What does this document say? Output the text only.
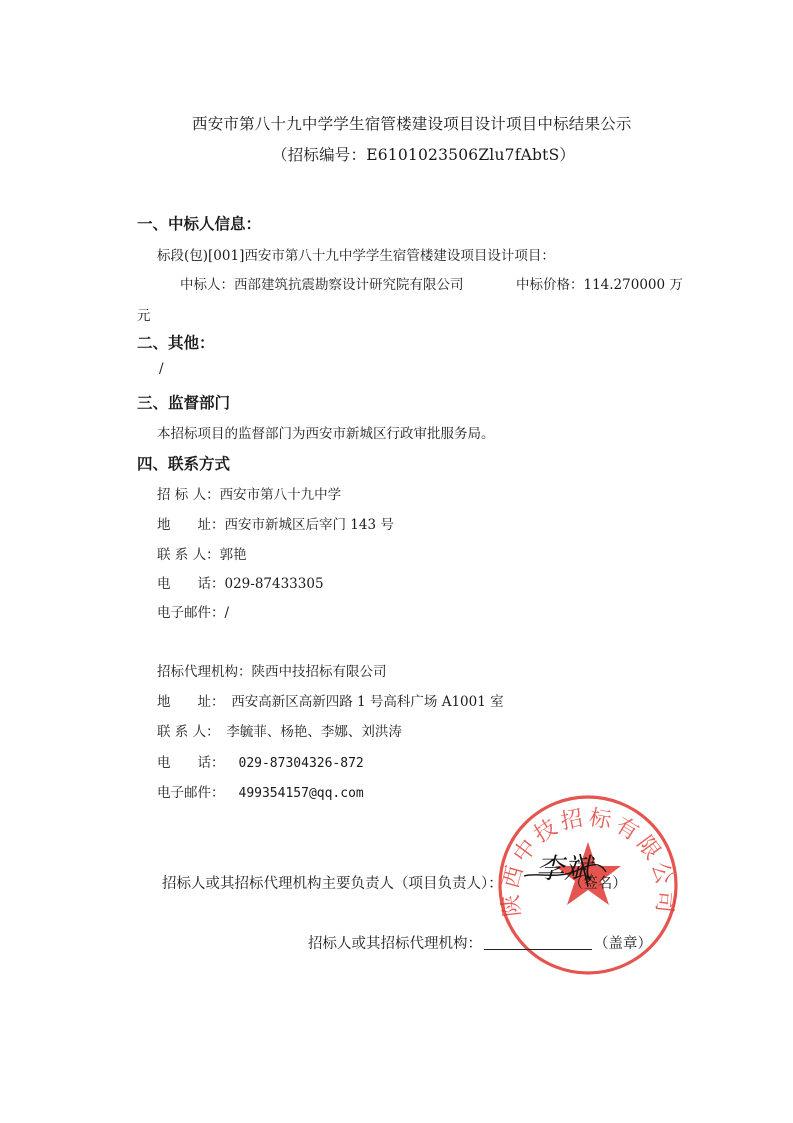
西安市第八十九中学学生宿管楼建设项目设计项目中标结果公示
（招标编号：E6101023506Zlu7fAbtS）
一、中标人信息：
标段(包)[001]西安市第八十九中学学生宿管楼建设项目设计项目：
中标人：西部建筑抗震勘察设计研究院有限公司	中标价格：114.270000 万
元
二、其他：
/
三、监督部门
本招标项目的监督部门为西安市新城区行政审批服务局。
四、联系方式
招 标 人：西安市第八十九中学
地　　址：西安市新城区后宰门 143 号
联 系 人：郭艳
电　　话：029-87433305
电子邮件：/
招标代理机构：陕西中技招标有限公司
地　　址：　西安高新区高新四路 1 号高科广场 A1001 室
联 系 人：　李毓菲、杨艳、李娜、刘洪涛
电　　话： 029-87304326-872
电子邮件： 499354157@qq.com
陕西中技招标有限公司
招标人或其招标代理机构主要负责人（项目负责人）：	（签名）
李斌
招标人或其招标代理机构：	（盖章）
